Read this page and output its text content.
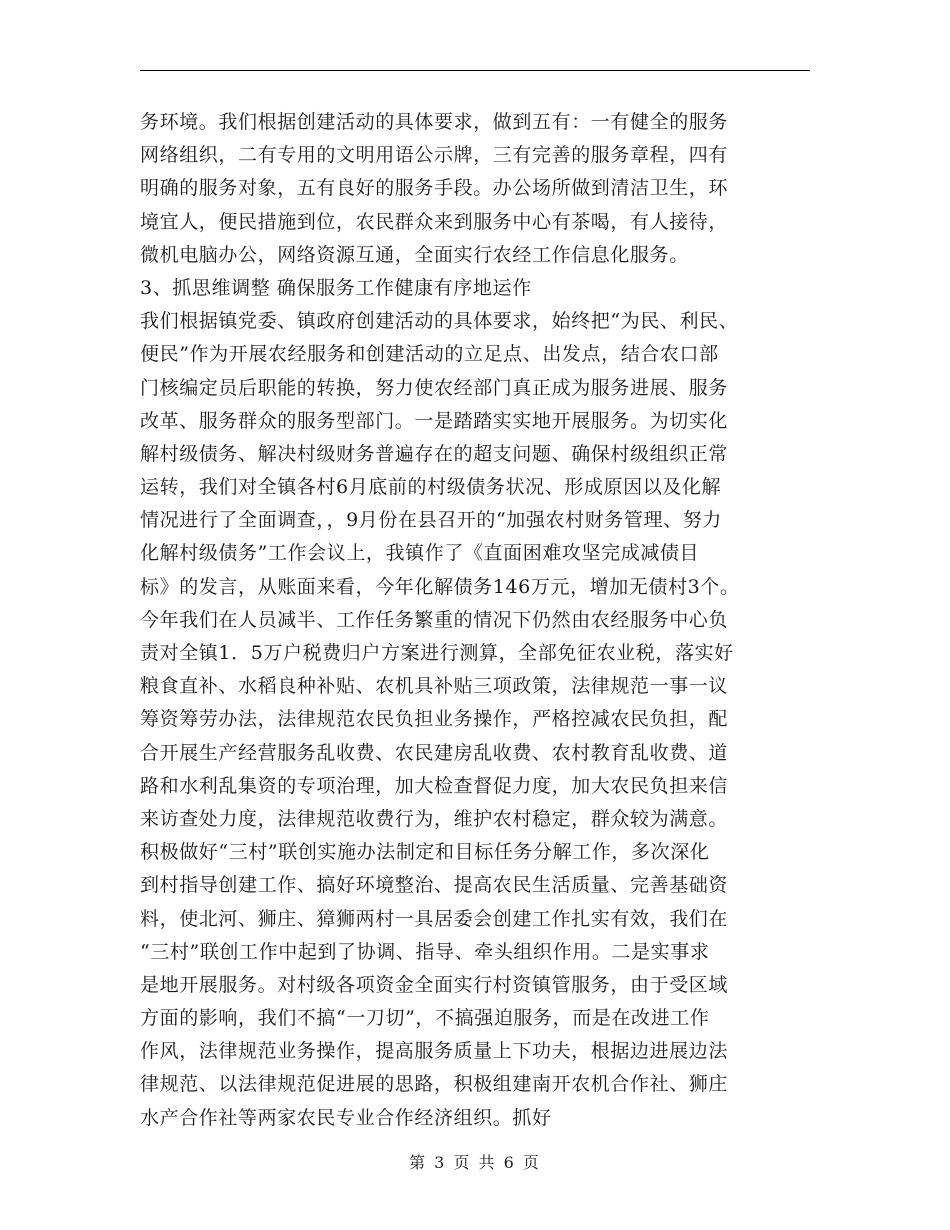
务环境。我们根据创建活动的具体要求，做到五有：一有健全的服务
网络组织，二有专用的文明用语公示牌，三有完善的服务章程，四有
明确的服务对象，五有良好的服务手段。办公场所做到清洁卫生，环
境宜人，便民措施到位，农民群众来到服务中心有茶喝，有人接待，
微机电脑办公，网络资源互通，全面实行农经工作信息化服务。
3、抓思维调整 确保服务工作健康有序地运作
我们根据镇党委、镇政府创建活动的具体要求，始终把“为民、利民、
便民”作为开展农经服务和创建活动的立足点、出发点，结合农口部
门核编定员后职能的转换，努力使农经部门真正成为服务进展、服务
改革、服务群众的服务型部门。一是踏踏实实地开展服务。为切实化
解村级债务、解决村级财务普遍存在的超支问题、确保村级组织正常
运转，我们对全镇各村6月底前的村级债务状况、形成原因以及化解
情况进行了全面调查，，9月份在县召开的“加强农村财务管理、努力
化解村级债务”工作会议上，我镇作了《直面困难攻坚完成减债目
标》的发言，从账面来看，今年化解债务146万元，增加无债村3个。
今年我们在人员减半、工作任务繁重的情况下仍然由农经服务中心负
责对全镇1．5万户税费归户方案进行测算，全部免征农业税，落实好
粮食直补、水稻良种补贴、农机具补贴三项政策，法律规范一事一议
筹资筹劳办法，法律规范农民负担业务操作，严格控减农民负担，配
合开展生产经营服务乱收费、农民建房乱收费、农村教育乱收费、道
路和水利乱集资的专项治理，加大检查督促力度，加大农民负担来信
来访查处力度，法律规范收费行为，维护农村稳定，群众较为满意。
积极做好“三村”联创实施办法制定和目标任务分解工作，多次深化
到村指导创建工作、搞好环境整治、提高农民生活质量、完善基础资
料，使北河、狮庄、獐狮两村一具居委会创建工作扎实有效，我们在
“三村”联创工作中起到了协调、指导、牵头组织作用。二是实事求
是地开展服务。对村级各项资金全面实行村资镇管服务，由于受区域
方面的影响，我们不搞“一刀切”，不搞强迫服务，而是在改进工作
作风，法律规范业务操作，提高服务质量上下功夫，根据边进展边法
律规范、以法律规范促进展的思路，积极组建南开农机合作社、狮庄
水产合作社等两家农民专业合作经济组织。抓好
第 3 页 共 6 页
